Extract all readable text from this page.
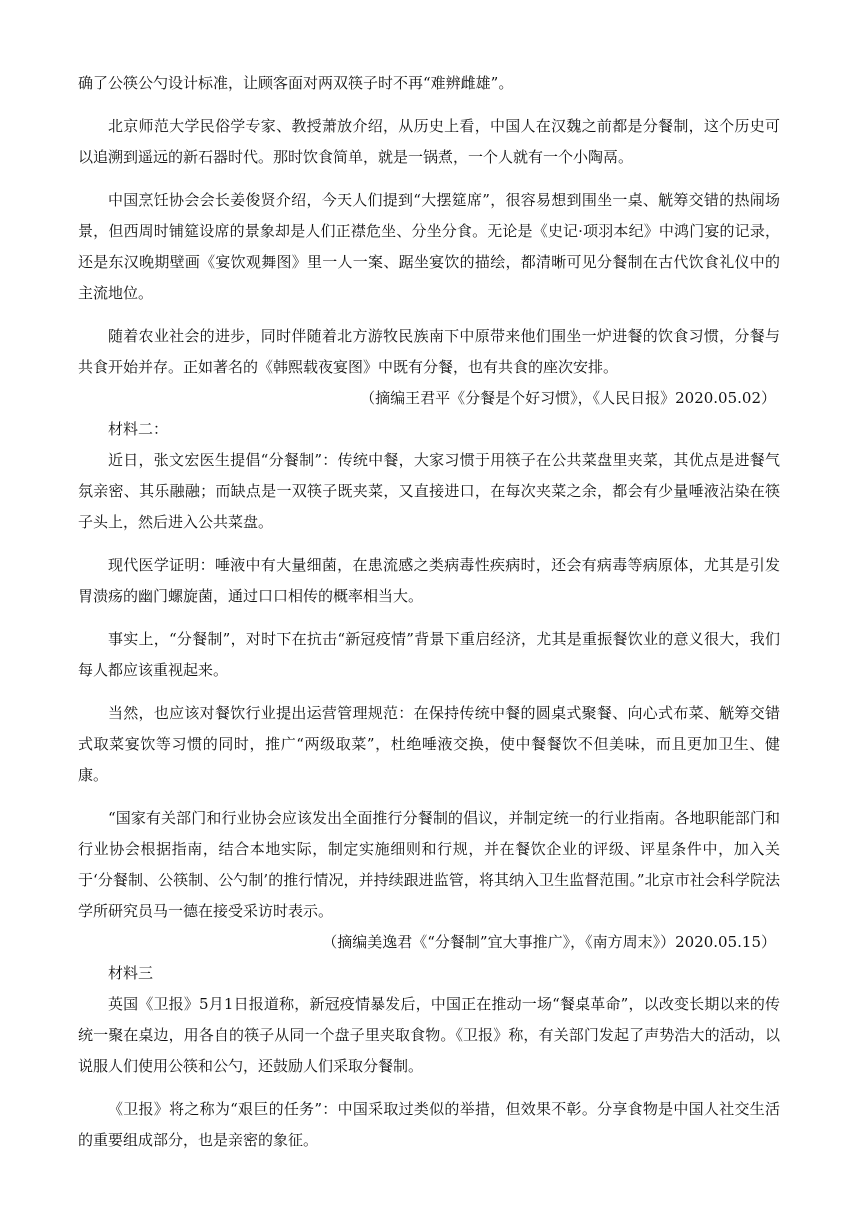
确了公筷公勺设计标准，让顾客面对两双筷子时不再“难辨雌雄”。

北京师范大学民俗学专家、教授萧放介绍，从历史上看，中国人在汉魏之前都是分餐制，这个历史可以追溯到遥远的新石器时代。那时饮食简单，就是一锅煮，一个人就有一个小陶鬲。

中国烹饪协会会长姜俊贤介绍，今天人们提到“大摆筵席”，很容易想到围坐一桌、觥筹交错的热闹场景，但西周时铺筵设席的景象却是人们正襟危坐、分坐分食。无论是《史记·项羽本纪》中鸿门宴的记录，还是东汉晚期壁画《宴饮观舞图》里一人一案、踞坐宴饮的描绘，都清晰可见分餐制在古代饮食礼仪中的主流地位。

随着农业社会的进步，同时伴随着北方游牧民族南下中原带来他们围坐一炉进餐的饮食习惯，分餐与共食开始并存。正如著名的《韩熙载夜宴图》中既有分餐，也有共食的座次安排。

（摘编王君平《分餐是个好习惯》，《人民日报》2020.05.02）

材料二：

近日，张文宏医生提倡“分餐制”：传统中餐，大家习惯于用筷子在公共菜盘里夹菜，其优点是进餐气氛亲密、其乐融融；而缺点是一双筷子既夹菜，又直接进口，在每次夹菜之余，都会有少量唾液沾染在筷子头上，然后进入公共菜盘。

现代医学证明：唾液中有大量细菌，在患流感之类病毒性疾病时，还会有病毒等病原体，尤其是引发胃溃疡的幽门螺旋菌，通过口口相传的概率相当大。

事实上，“分餐制”，对时下在抗击“新冠疫情”背景下重启经济，尤其是重振餐饮业的意义很大，我们每人都应该重视起来。

当然，也应该对餐饮行业提出运营管理规范：在保持传统中餐的圆桌式聚餐、向心式布菜、觥筹交错式取菜宴饮等习惯的同时，推广“两级取菜”，杜绝唾液交换，使中餐餐饮不但美味，而且更加卫生、健康。

“国家有关部门和行业协会应该发出全面推行分餐制的倡议，并制定统一的行业指南。各地职能部门和行业协会根据指南，结合本地实际，制定实施细则和行规，并在餐饮企业的评级、评星条件中，加入关于‘分餐制、公筷制、公勺制’的推行情况，并持续跟进监管，将其纳入卫生监督范围。”北京市社会科学院法学所研究员马一德在接受采访时表示。

（摘编美逸君《“分餐制”宜大事推广》，《南方周末》）2020.05.15）

材料三

英国《卫报》5月1日报道称，新冠疫情暴发后，中国正在推动一场“餐桌革命”，以改变长期以来的传统一聚在桌边，用各自的筷子从同一个盘子里夹取食物。《卫报》称，有关部门发起了声势浩大的活动，以说服人们使用公筷和公勺，还鼓励人们采取分餐制。

《卫报》将之称为“艰巨的任务”：中国采取过类似的举措，但效果不彰。分享食物是中国人社交生活的重要组成部分，也是亲密的象征。
